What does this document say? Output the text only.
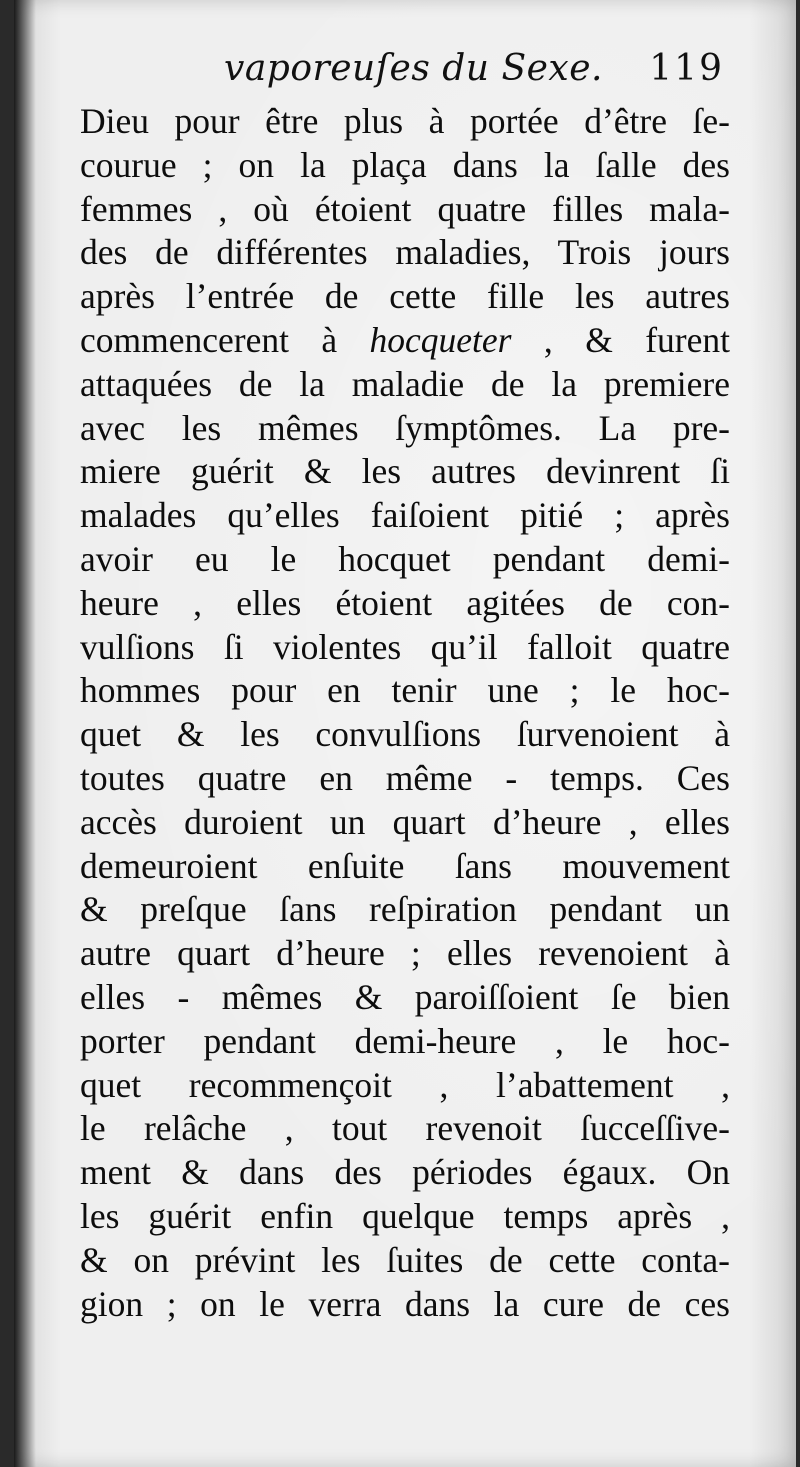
vaporeuſes du Sexe. 119
Dieu pour être plus à portée d’être ſe-
courue ; on la plaça dans la ſalle des
femmes , où étoient quatre filles mala-
des de différentes maladies, Trois jours
après l’entrée de cette fille les autres
commencerent à hocqueter , & furent
attaquées de la maladie de la premiere
avec les mêmes ſymptômes. La pre-
miere guérit & les autres devinrent ſi
malades qu’elles faiſoient pitié ; après
avoir eu le hocquet pendant demi-
heure , elles étoient agitées de con-
vulſions ſi violentes qu’il falloit quatre
hommes pour en tenir une ; le hoc-
quet & les convulſions ſurvenoient à
toutes quatre en même - temps. Ces
accès duroient un quart d’heure , elles
demeuroient enſuite ſans mouvement
& preſque ſans reſpiration pendant un
autre quart d’heure ; elles revenoient à
elles - mêmes & paroiſſoient ſe bien
porter pendant demi-heure , le hoc-
quet recommençoit , l’abattement ,
le relâche , tout revenoit ſucceſſive-
ment & dans des périodes égaux. On
les guérit enfin quelque temps après ,
& on prévint les ſuites de cette conta-
gion ; on le verra dans la cure de ces
